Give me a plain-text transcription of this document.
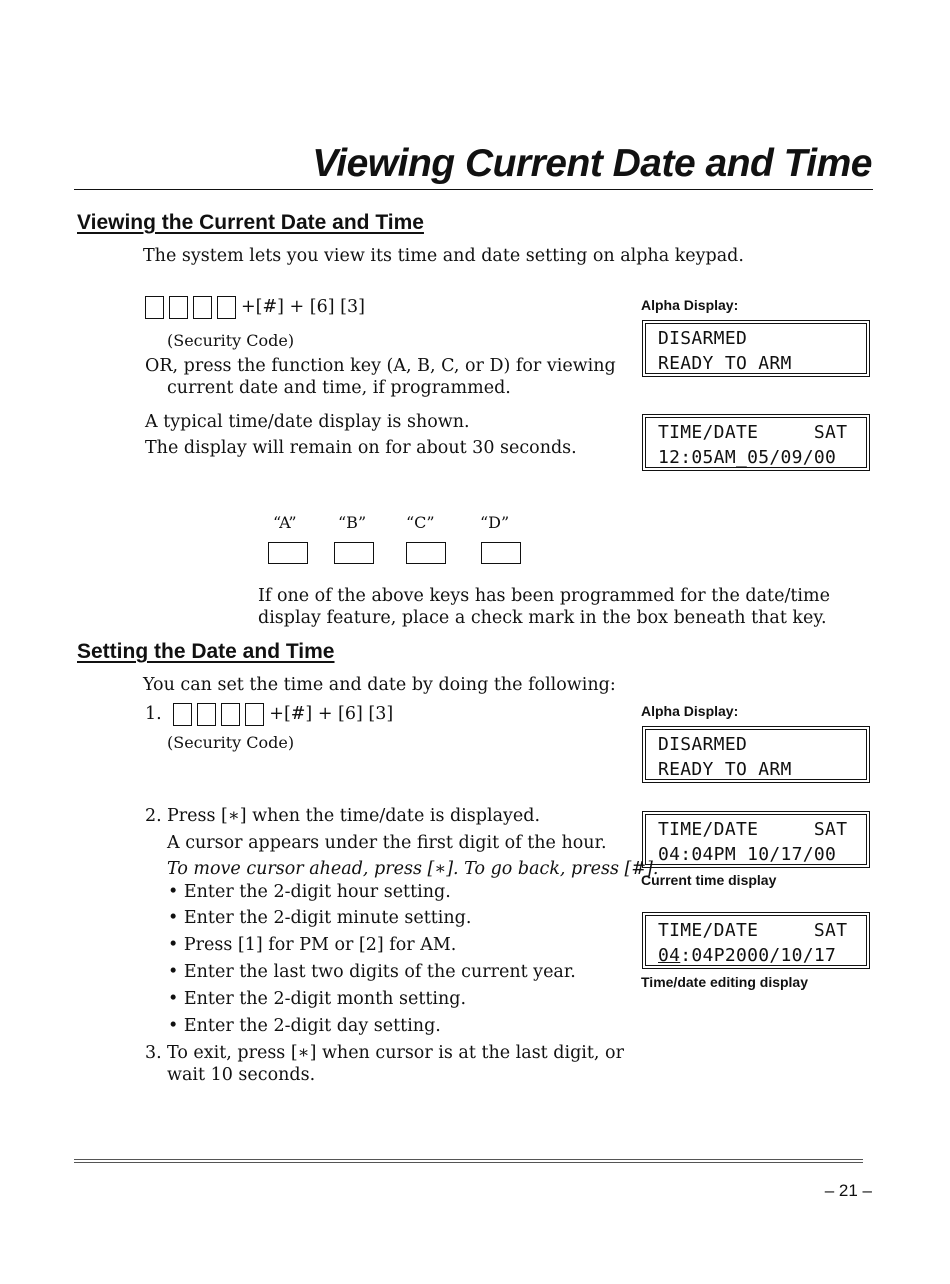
Viewing Current Date and Time
Viewing the Current Date and Time
The system lets you view its time and date setting on alpha keypad.
+[#] + [6] [3]
(Security Code)
OR, press the function key (A, B, C, or D) for viewing
current date and time, if programmed.
A typical time/date display is shown.
The display will remain on for about 30 seconds.
Alpha Display:
DISARMED
READY TO ARM
TIME/DATE     SAT
12:05AM_05/09/00
“A”	“B” “C”	“D”
If one of the above keys has been programmed for the date/time
display feature, place a check mark in the box beneath that key.
Setting the Date and Time
You can set the time and date by doing the following:
1.	+[#] + [6] [3]
(Security Code)
2. Press [∗] when the time/date is displayed.
A cursor appears under the first digit of the hour.
To move cursor ahead, press [∗]. To go back, press [#].
• Enter the 2-digit hour setting.
• Enter the 2-digit minute setting.
• Press [1] for PM or [2] for AM.
• Enter the last two digits of the current year.
• Enter the 2-digit month setting.
• Enter the 2-digit day setting.
3. To exit, press [∗] when cursor is at the last digit, or
wait 10 seconds.
Alpha Display:
DISARMED
READY TO ARM
TIME/DATE     SAT
04:04PM 10/17/00
Current time display
TIME/DATE     SAT
04:04P2000/10/17
Time/date editing display
– 21 –
